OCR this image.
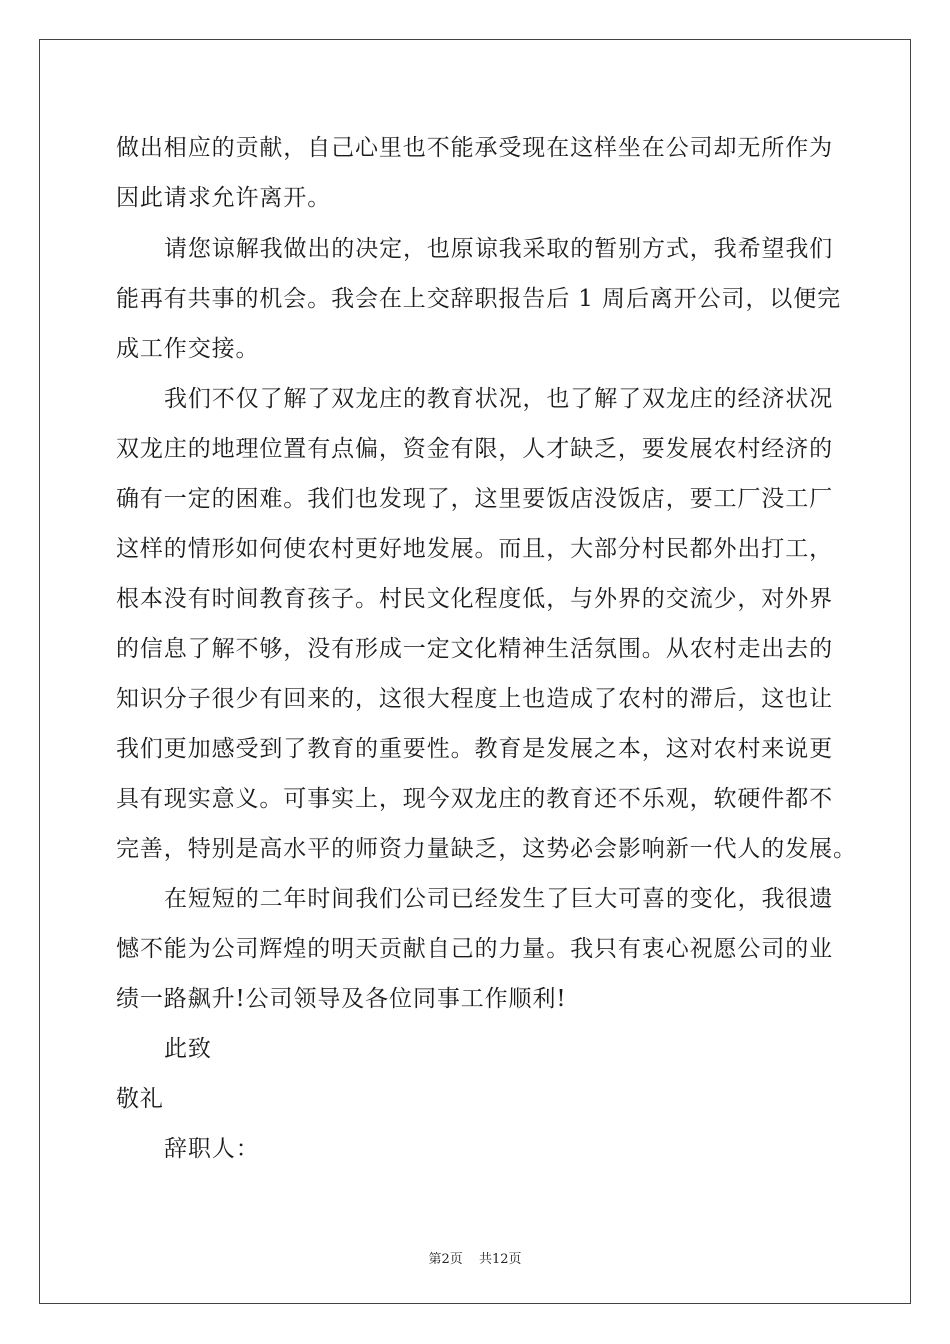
做出相应的贡献，自己心里也不能承受现在这样坐在公司却无所作为
因此请求允许离开。
请您谅解我做出的决定，也原谅我采取的暂别方式，我希望我们
能再有共事的机会。我会在上交辞职报告后 1 周后离开公司，以便完
成工作交接。
我们不仅了解了双龙庄的教育状况，也了解了双龙庄的经济状况
双龙庄的地理位置有点偏，资金有限，人才缺乏，要发展农村经济的
确有一定的困难。我们也发现了，这里要饭店没饭店，要工厂没工厂
这样的情形如何使农村更好地发展。而且，大部分村民都外出打工，
根本没有时间教育孩子。村民文化程度低，与外界的交流少，对外界
的信息了解不够，没有形成一定文化精神生活氛围。从农村走出去的
知识分子很少有回来的，这很大程度上也造成了农村的滞后，这也让
我们更加感受到了教育的重要性。教育是发展之本，这对农村来说更
具有现实意义。可事实上，现今双龙庄的教育还不乐观，软硬件都不
完善，特别是高水平的师资力量缺乏，这势必会影响新一代人的发展。
在短短的二年时间我们公司已经发生了巨大可喜的变化，我很遗
憾不能为公司辉煌的明天贡献自己的力量。我只有衷心祝愿公司的业
绩一路飙升!公司领导及各位同事工作顺利!
此致
敬礼
辞职人：
第2页 共12页
